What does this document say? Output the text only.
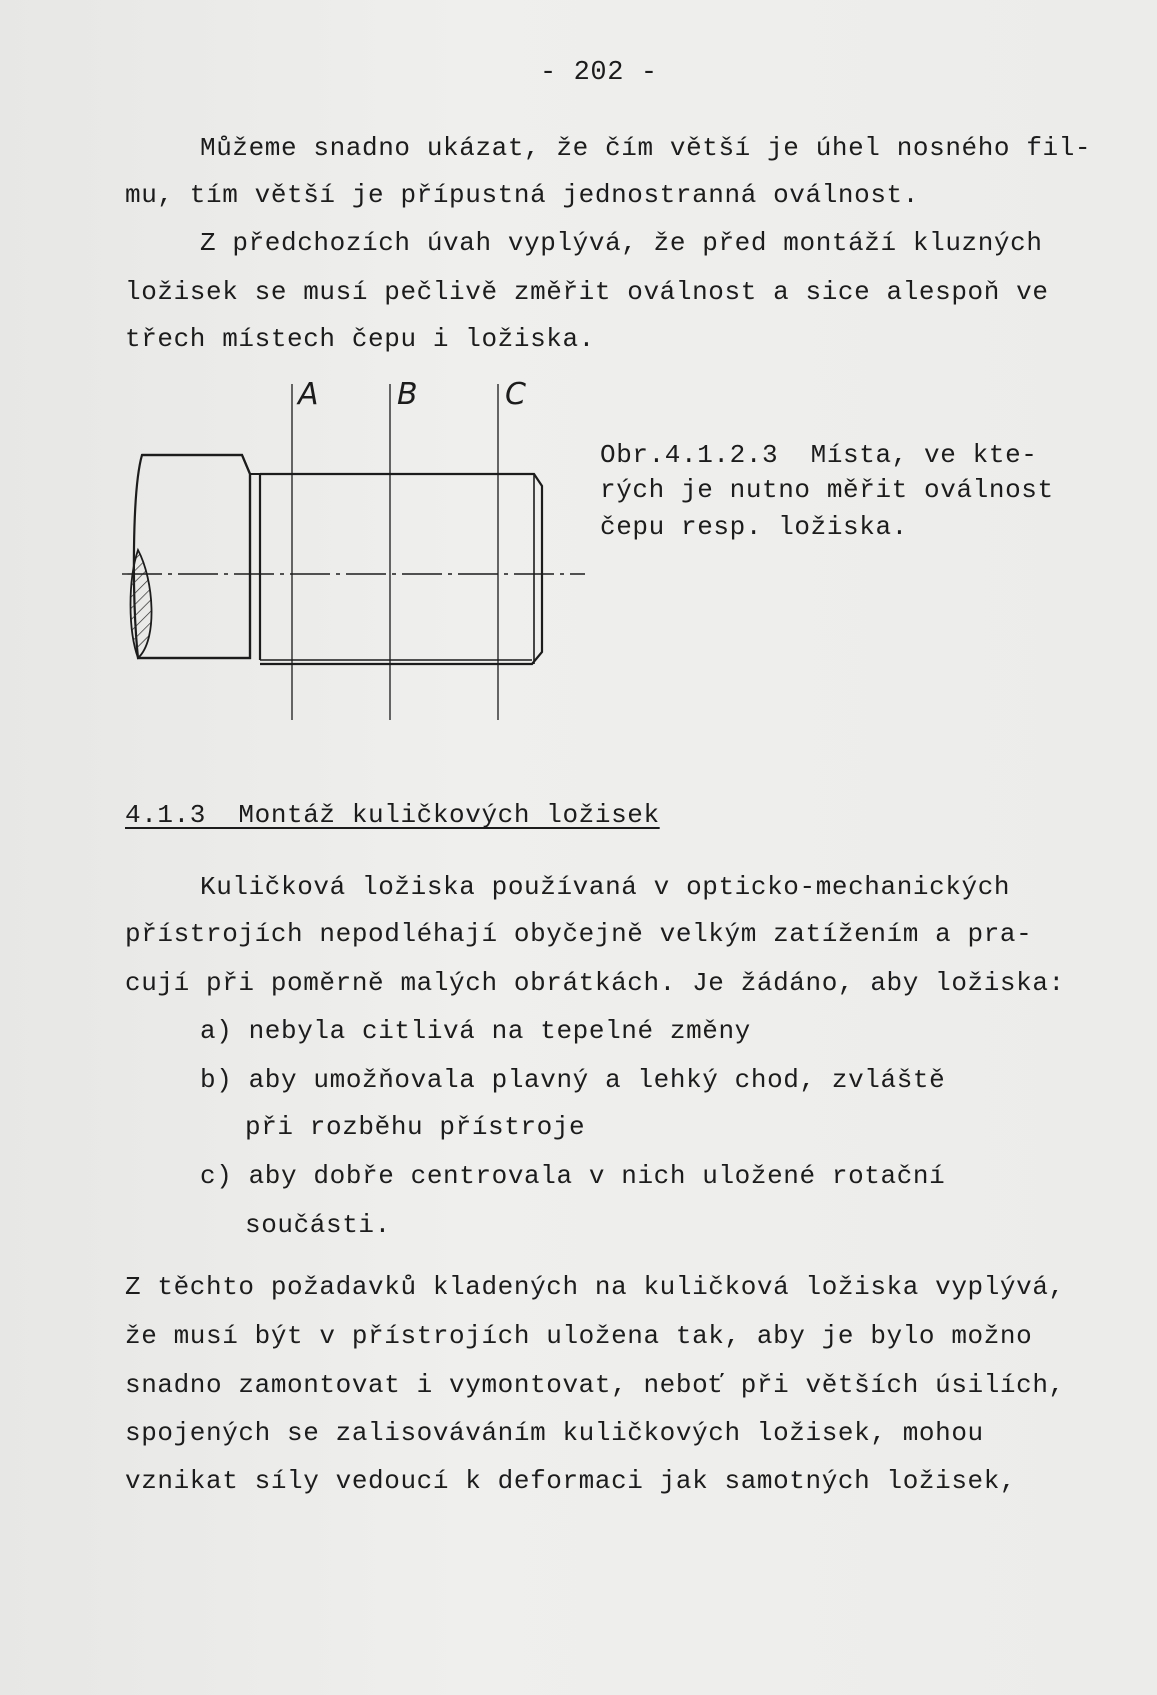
- 202 -
Můžeme snadno ukázat, že čím větší je úhel nosného fil-
mu, tím větší je přípustná jednostranná oválnost.
Z předchozích úvah vyplývá, že před montáží kluzných
ložisek se musí pečlivě změřit oválnost a sice alespoň ve
třech místech čepu i ložiska.
A	B	C
Obr.4.1.2.3  Místa, ve kte-
rých je nutno měřit oválnost
čepu resp. ložiska.
4.1.3  Montáž kuličkových ložisek
Kuličková ložiska používaná v opticko-mechanických
přístrojích nepodléhají obyčejně velkým zatížením a pra-
cují při poměrně malých obrátkách. Je žádáno, aby ložiska:
a) nebyla citlivá na tepelné změny
b) aby umožňovala plavný a lehký chod, zvláště
při rozběhu přístroje
c) aby dobře centrovala v nich uložené rotační
součásti.
Z těchto požadavků kladených na kuličková ložiska vyplývá,
že musí být v přístrojích uložena tak, aby je bylo možno
snadno zamontovat i vymontovat, neboť při větších úsilích,
spojených se zalisováváním kuličkových ložisek, mohou
vznikat síly vedoucí k deformaci jak samotných ložisek,
